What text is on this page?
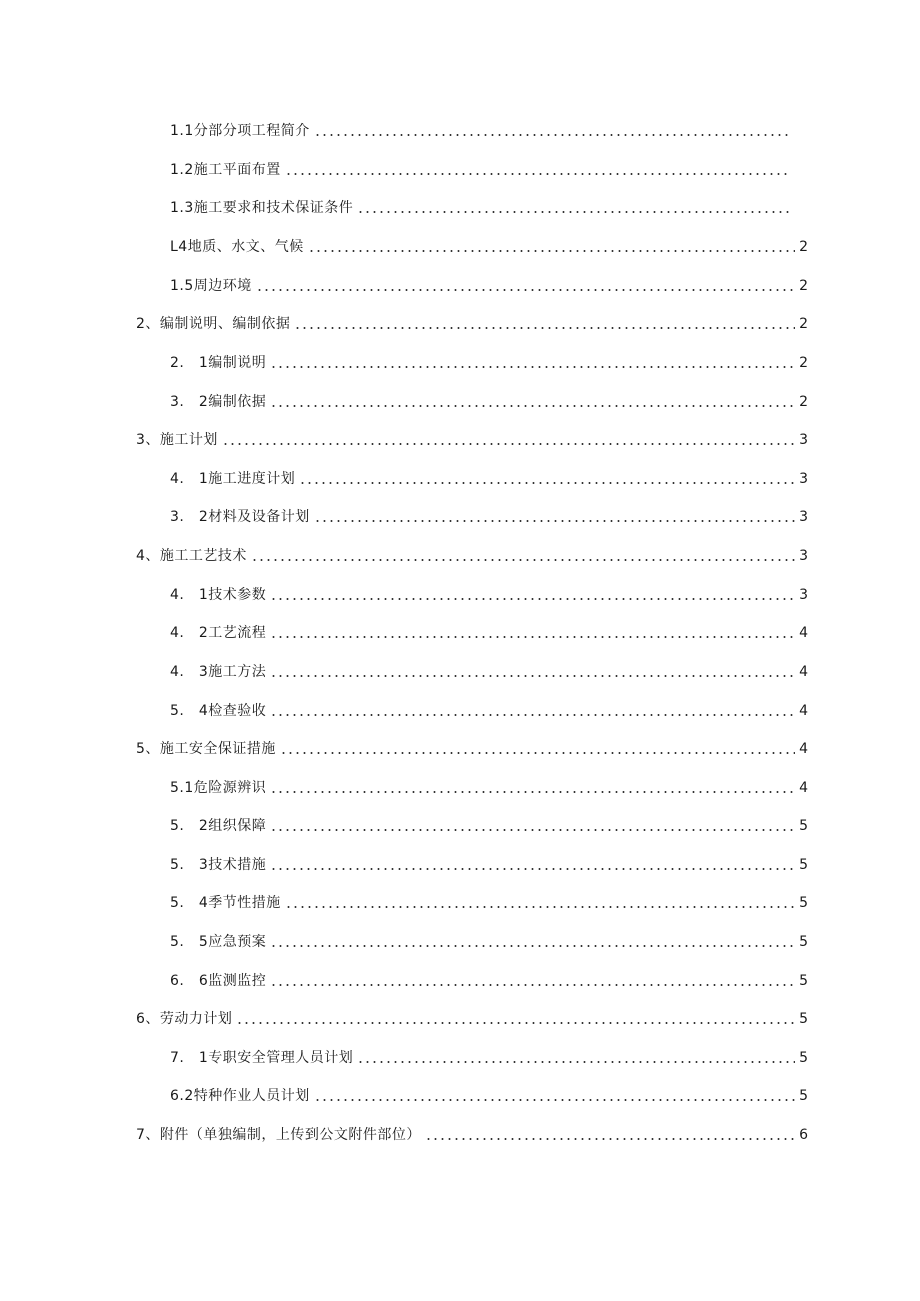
1.1分部分项工程简介
1.2施工平面布置
1.3施工要求和技术保证条件
L4地质、水文、气候	2
1.5周边环境	2
2、编制说明、编制依据	2
2.　1编制说明	2
3.　2编制依据	2
3、施工计划	3
4.　1施工进度计划	3
3.　2材料及设备计划	3
4、施工工艺技术	3
4.　1技术参数	3
4.　2工艺流程	4
4.　3施工方法	4
5.　4检查验收	4
5、施工安全保证措施	4
5.1危险源辨识	4
5.　2组织保障	5
5.　3技术措施	5
5.　4季节性措施	5
5.　5应急预案	5
6.　6监测监控	5
6、劳动力计划	5
7.　1专职安全管理人员计划	5
6.2特种作业人员计划	5
7、附件（单独编制，上传到公文附件部位）	6
